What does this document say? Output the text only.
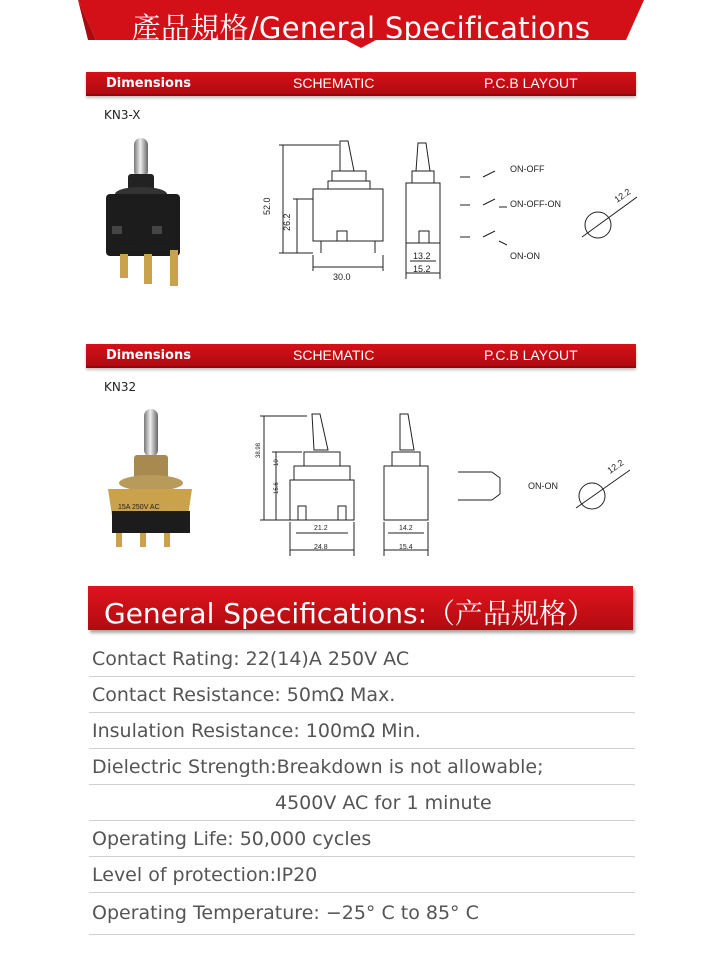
產品規格/General Specifications
Dimensions	SCHEMATIC	P.C.B LAYOUT
KN3-X
KN3-C-101 15A 250VAC
52.0
26.2
30.0
13.2
15.2
ON-OFF
ON-OFF-ON
ON-ON
12.2
Dimensions	SCHEMATIC	P.C.B LAYOUT
KN32
15A 250V AC
38.98
10
15.6
21.2
24.8
14.2
15.4
ON-ON
12.2
General Specifications:（产品规格）
Contact Rating: 22(14)A 250V AC
Contact Resistance: 50mΩ Max.
Insulation Resistance: 100mΩ Min.
Dielectric Strength:Breakdown is not allowable;
4500V AC for 1 minute
Operating Life: 50,000 cycles
Level of protection:IP20
Operating Temperature: −25° C to 85° C
